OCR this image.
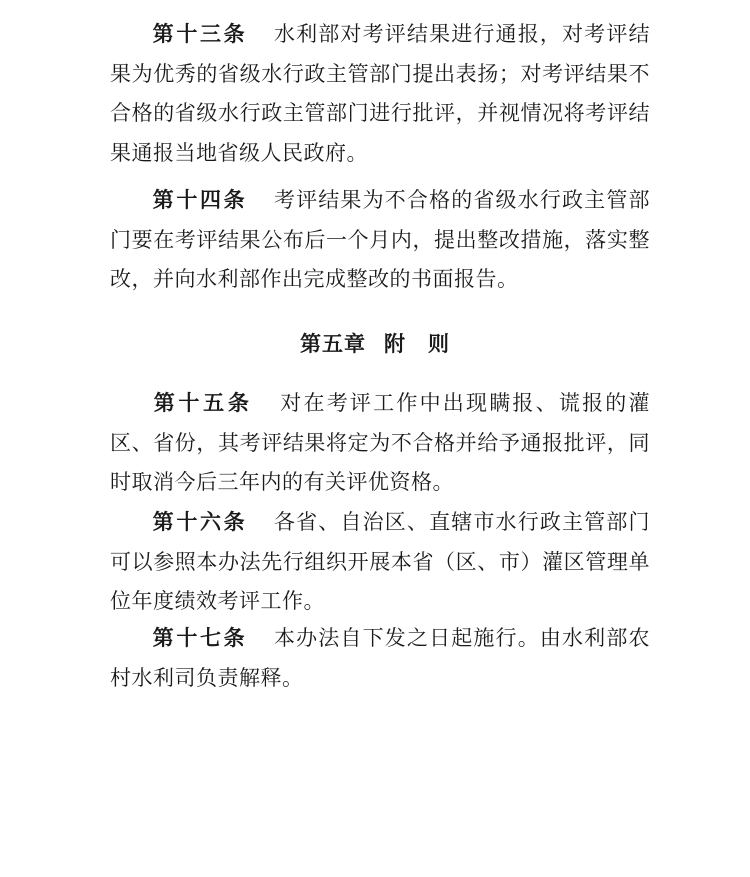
第十三条 水利部对考评结果进行通报，对考评结果为优秀的省级水行政主管部门提出表扬；对考评结果不合格的省级水行政主管部门进行批评，并视情况将考评结果通报当地省级人民政府。

第十四条 考评结果为不合格的省级水行政主管部门要在考评结果公布后一个月内，提出整改措施，落实整改，并向水利部作出完成整改的书面报告。

第五章 附　则

第十五条 对在考评工作中出现瞒报、谎报的灌区、省份，其考评结果将定为不合格并给予通报批评，同时取消今后三年内的有关评优资格。

第十六条 各省、自治区、直辖市水行政主管部门可以参照本办法先行组织开展本省（区、市）灌区管理单位年度绩效考评工作。

第十七条 本办法自下发之日起施行。由水利部农村水利司负责解释。
